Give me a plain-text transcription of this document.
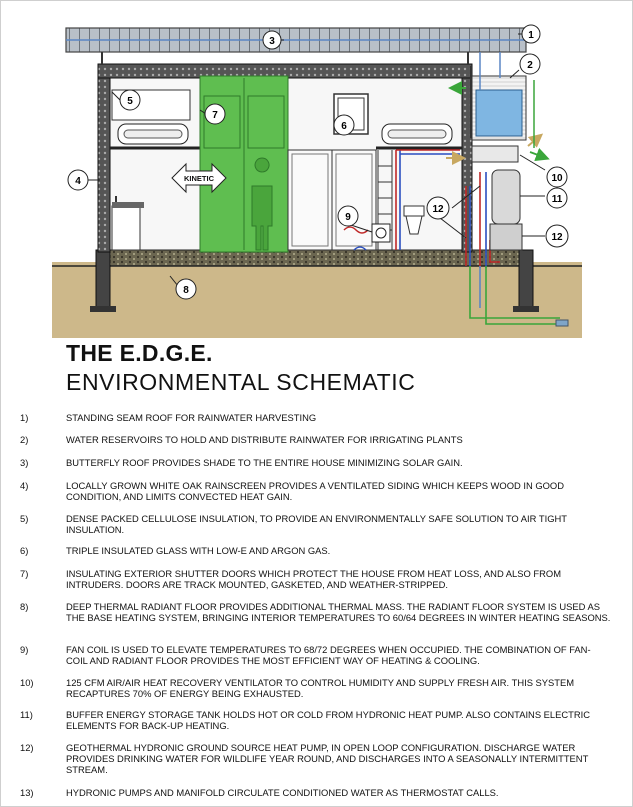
KINETIC
1
2
3
4
5
6
7
8
9
10
11
12
12
THE E.D.G.E.
ENVIRONMENTAL SCHEMATIC
1)	STANDING SEAM ROOF FOR RAINWATER HARVESTING
2)	WATER RESERVOIRS TO HOLD AND DISTRIBUTE RAINWATER FOR IRRIGATING PLANTS
3)	BUTTERFLY ROOF PROVIDES SHADE TO THE ENTIRE HOUSE MINIMIZING SOLAR GAIN.
4)	LOCALLY GROWN WHITE OAK RAINSCREEN PROVIDES A VENTILATED SIDING WHICH KEEPS WOOD IN GOOD CONDITION, AND LIMITS CONVECTED HEAT GAIN.
5)	DENSE PACKED CELLULOSE INSULATION, TO PROVIDE AN ENVIRONMENTALLY SAFE SOLUTION TO AIR TIGHT INSULATION.
6)	TRIPLE INSULATED GLASS WITH LOW-E AND ARGON GAS.
7)	INSULATING EXTERIOR SHUTTER DOORS WHICH PROTECT THE HOUSE FROM HEAT LOSS, AND ALSO FROM INTRUDERS. DOORS ARE TRACK MOUNTED, GASKETED, AND WEATHER-STRIPPED.
8)	DEEP THERMAL RADIANT FLOOR PROVIDES ADDITIONAL THERMAL MASS. THE RADIANT FLOOR SYSTEM IS USED AS THE BASE HEATING SYSTEM, BRINGING INTERIOR TEMPERATURES TO 60/64 DEGREES IN WINTER HEATING SEASONS.
9)	FAN COIL IS USED TO ELEVATE TEMPERATURES TO 68/72 DEGREES WHEN OCCUPIED. THE COMBINATION OF FAN-COIL AND RADIANT FLOOR PROVIDES THE MOST EFFICIENT WAY OF HEATING & COOLING.
10)	125 CFM AIR/AIR HEAT RECOVERY VENTILATOR TO CONTROL HUMIDITY AND SUPPLY FRESH AIR. THIS SYSTEM RECAPTURES 70% OF ENERGY BEING EXHAUSTED.
11)	BUFFER ENERGY STORAGE TANK HOLDS HOT OR COLD FROM HYDRONIC HEAT PUMP. ALSO CONTAINS ELECTRIC ELEMENTS FOR BACK-UP HEATING.
12)	GEOTHERMAL HYDRONIC GROUND SOURCE HEAT PUMP, IN OPEN LOOP CONFIGURATION. DISCHARGE WATER PROVIDES DRINKING WATER FOR WILDLIFE YEAR ROUND, AND DISCHARGES INTO A SEASONALLY INTERMITTENT STREAM.
13)	HYDRONIC PUMPS AND MANIFOLD CIRCULATE CONDITIONED WATER AS THERMOSTAT CALLS.
